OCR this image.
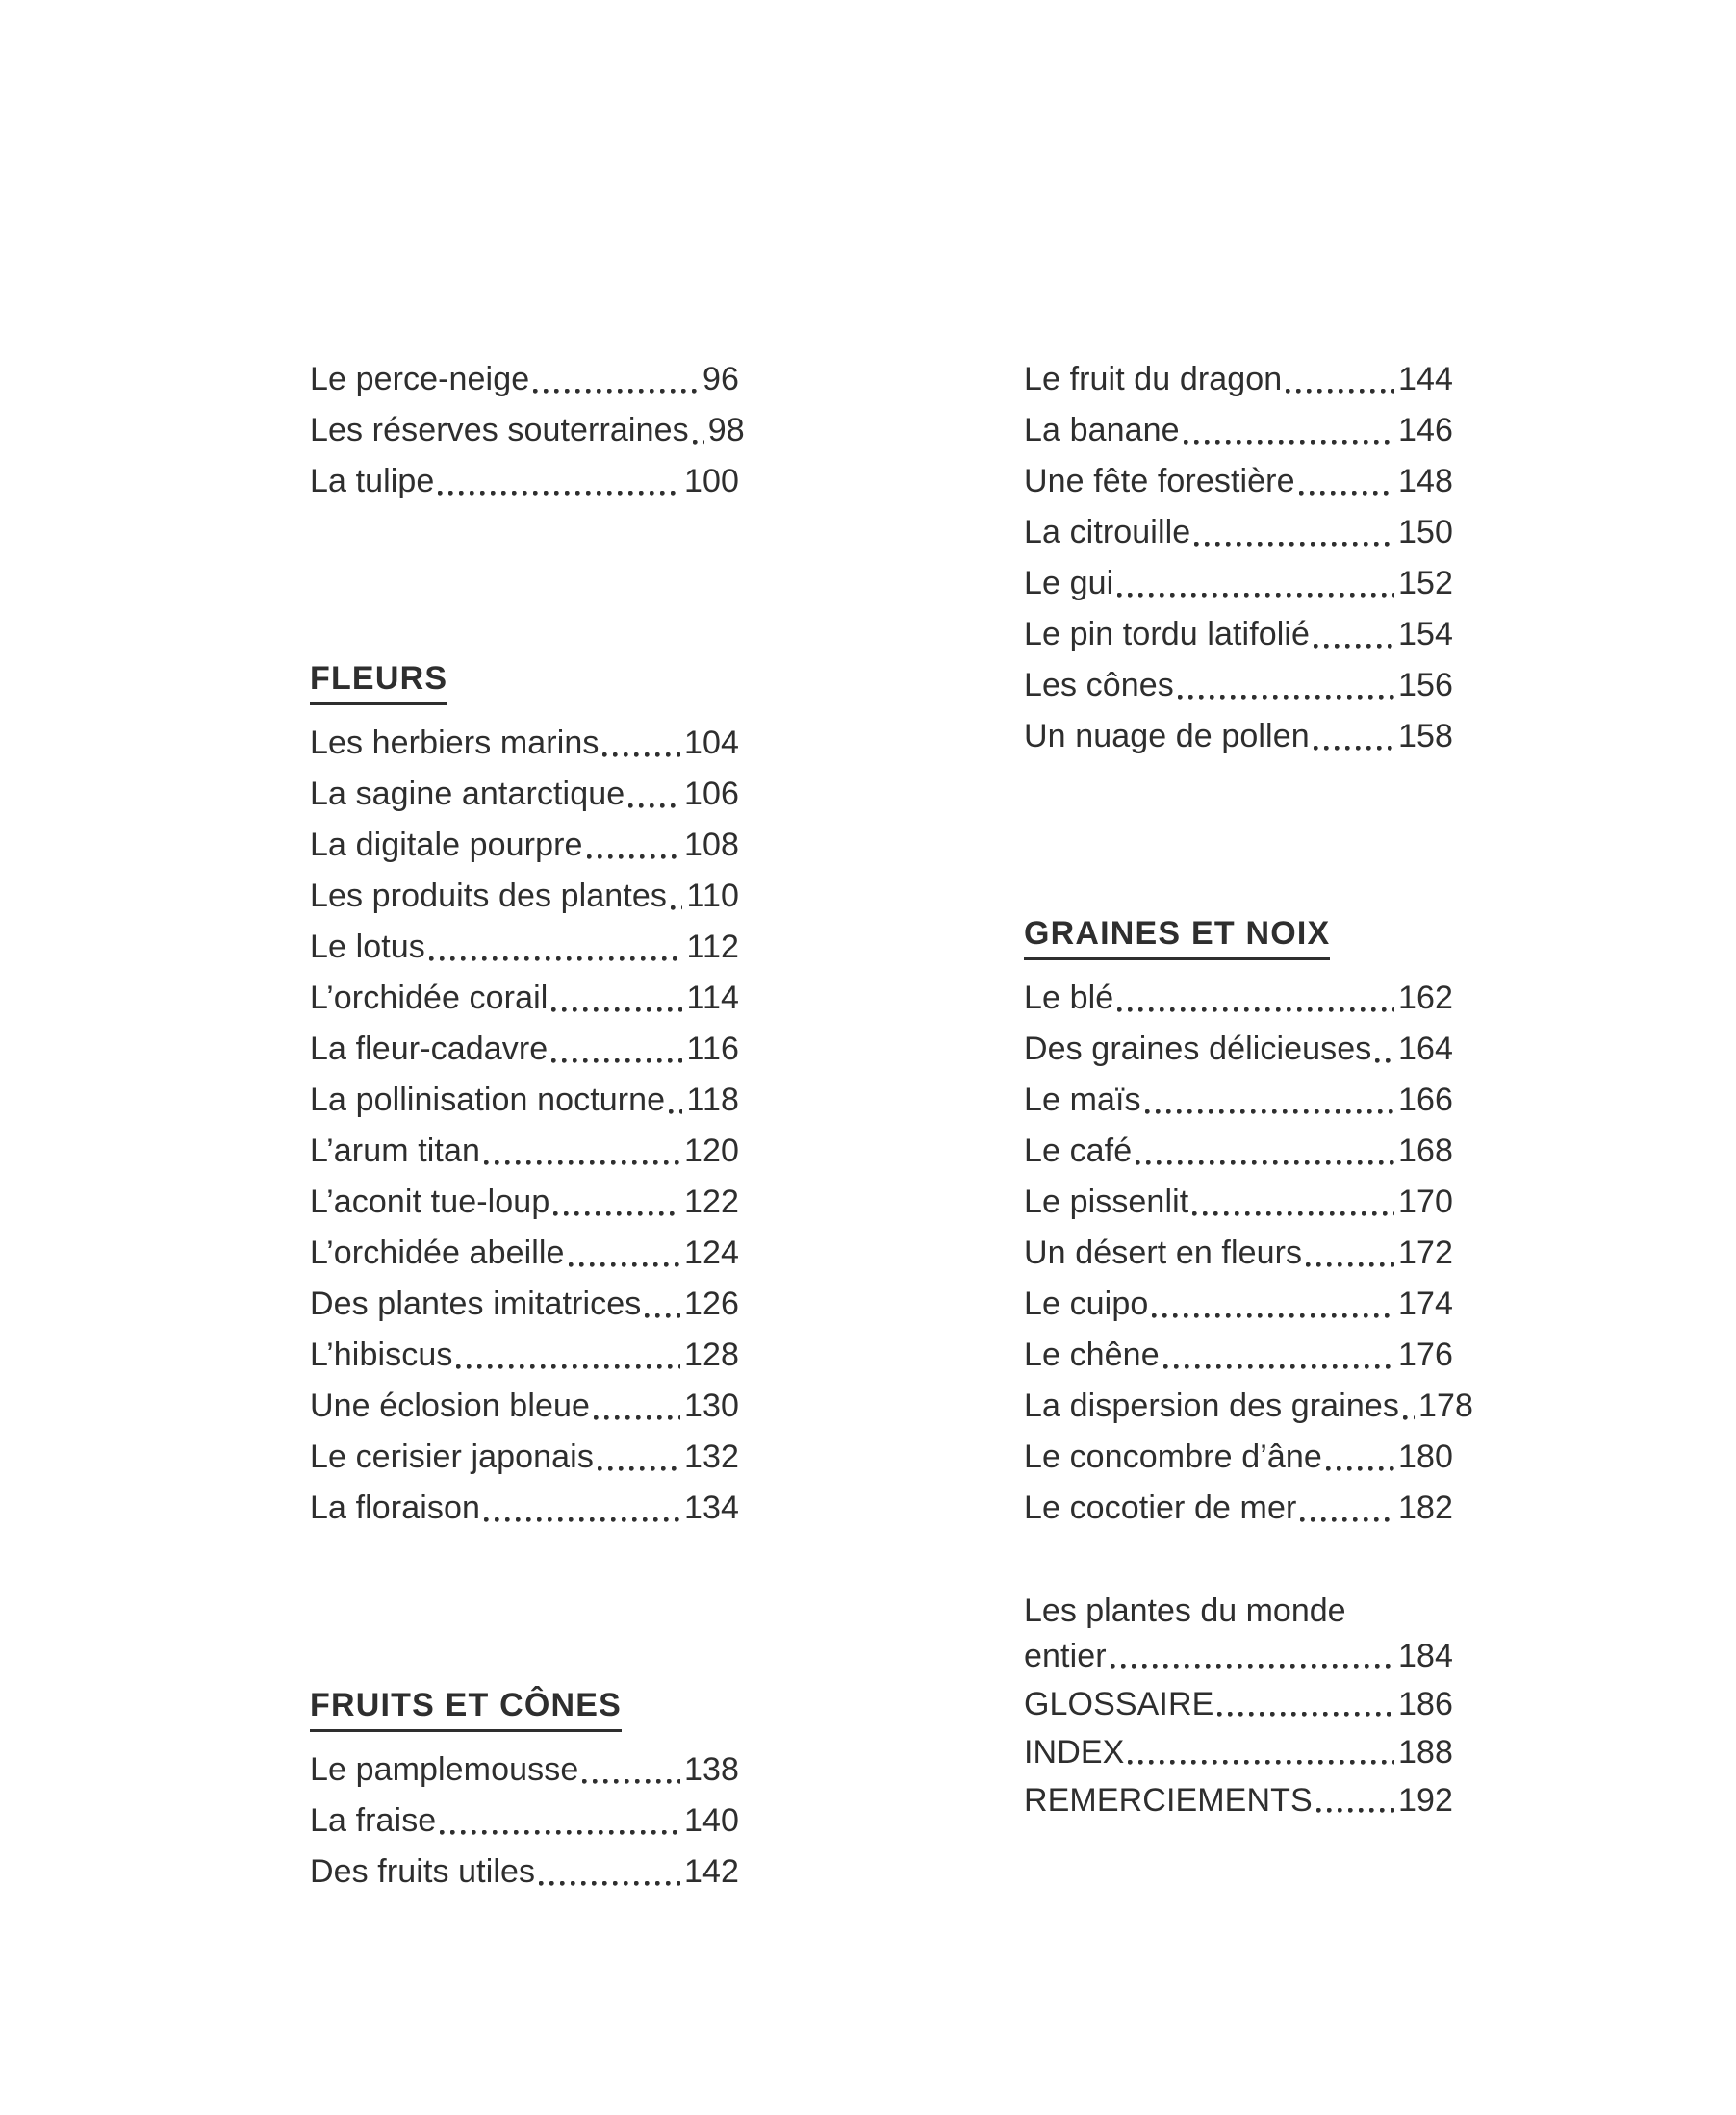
Le perce-neige	96
Les réserves souterraines 98
La tulipe	100
FLEURS
Les herbiers marins	104
La sagine antarctique 106
La digitale pourpre	108
Les produits des plantes 110
Le lotus	112
L’orchidée corail	114
La fleur-cadavre	116
La pollinisation nocturne 118
L’arum titan	120
L’aconit tue-loup	122
L’orchidée abeille	124
Des plantes imitatrices 126
L’hibiscus	128
Une éclosion bleue	130
Le cerisier japonais	132
La floraison	134
FRUITS ET CÔNES
Le pamplemousse	138
La fraise	140
Des fruits utiles	142
Le fruit du dragon	144
La banane	146
Une fête forestière	148
La citrouille	150
Le gui	152
Le pin tordu latifolié	154
Les cônes	156
Un nuage de pollen	158
GRAINES ET NOIX
Le blé	162
Des graines délicieuses 164
Le maïs	166
Le café	168
Le pissenlit	170
Un désert en fleurs	172
Le cuipo	174
Le chêne	176
La dispersion des graines 178
Le concombre d’âne 180
Le cocotier de mer	182
Les plantes du monde
entier	184
GLOSSAIRE	186
INDEX	188
REMERCIEMENTS	192
